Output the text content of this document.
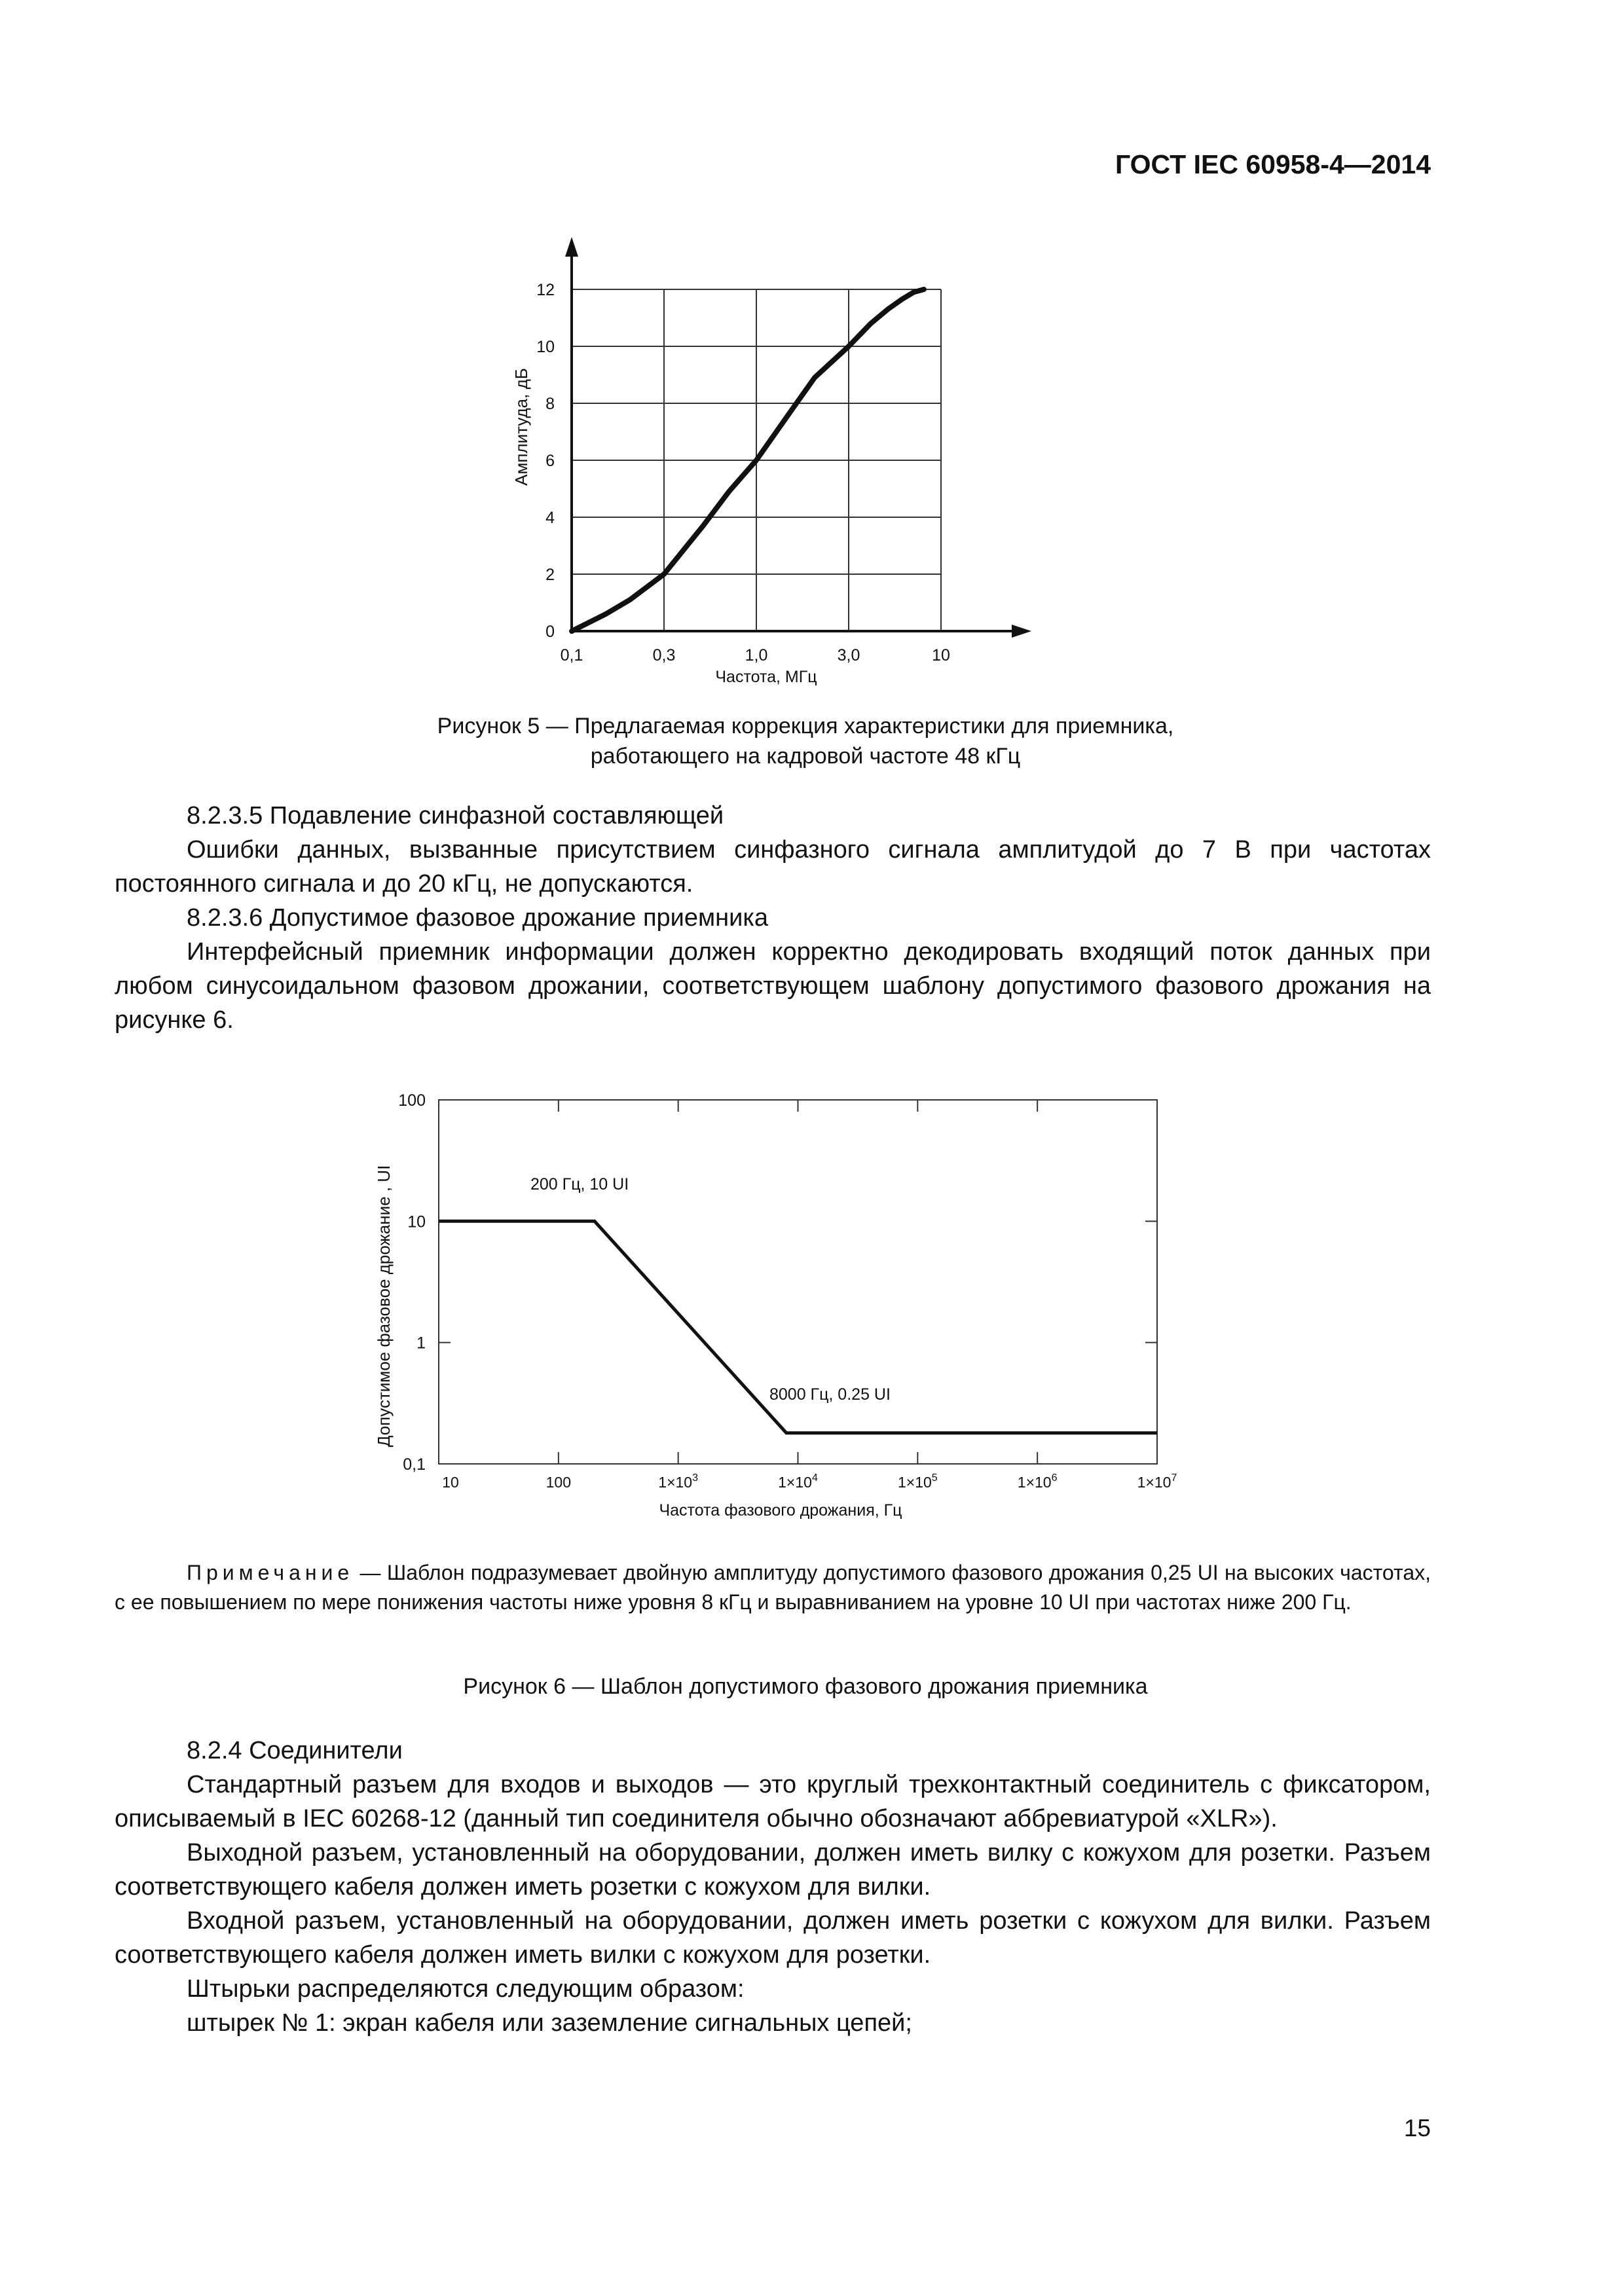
ГОСТ IEC 60958-4—2014
0
2
4
6
8
10
12
0,1	0,3	1,0	3,0	10
Частота, МГц
Амплитуда, дБ
Рисунок 5 — Предлагаемая коррекция характеристики для приемника,
работающего на кадровой частоте 48 кГц

8.2.3.5 Подавление синфазной составляющей

Ошибки данных, вызванные присутствием синфазного сигнала амплитудой до 7 В при частотах постоянного сигнала и до 20 кГц, не допускаются.

8.2.3.6 Допустимое фазовое дрожание приемника

Интерфейсный приемник информации должен корректно декодировать входящий поток данных при любом синусоидальном фазовом дрожании, соответствующем шаблону допустимого фазового дрожания на рисунке 6.

10	100	$1\times 10^3$	$1\times 10^4$	$1\times 10^5$	$1\times 10^6$	$1\times 10^7$
0,1
1
10
100
200 Гц, 10 UI
8000 Гц, 0.25 UI
Частота фазового дрожания, Гц
Допустимое фазовое дрожание , UI
Примечание — Шаблон подразумевает двойную амплитуду допустимого фазового дрожания 0,25 UI на высоких частотах, с ее повышением по мере понижения частоты ниже уровня 8 кГц и выравниванием на уровне 10 UI при частотах ниже 200 Гц.
Рисунок 6 — Шаблон допустимого фазового дрожания приемника

8.2.4 Соединители

Стандартный разъем для входов и выходов — это круглый трехконтактный соединитель с фиксатором, описываемый в IEC 60268-12 (данный тип соединителя обычно обозначают аббревиатурой «XLR»).

Выходной разъем, установленный на оборудовании, должен иметь вилку с кожухом для розетки. Разъем соответствующего кабеля должен иметь розетки с кожухом для вилки.

Входной разъем, установленный на оборудовании, должен иметь розетки с кожухом для вилки. Разъем соответствующего кабеля должен иметь вилки с кожухом для розетки.

Штырьки распределяются следующим образом:

штырек № 1: экран кабеля или заземление сигнальных цепей;

15
